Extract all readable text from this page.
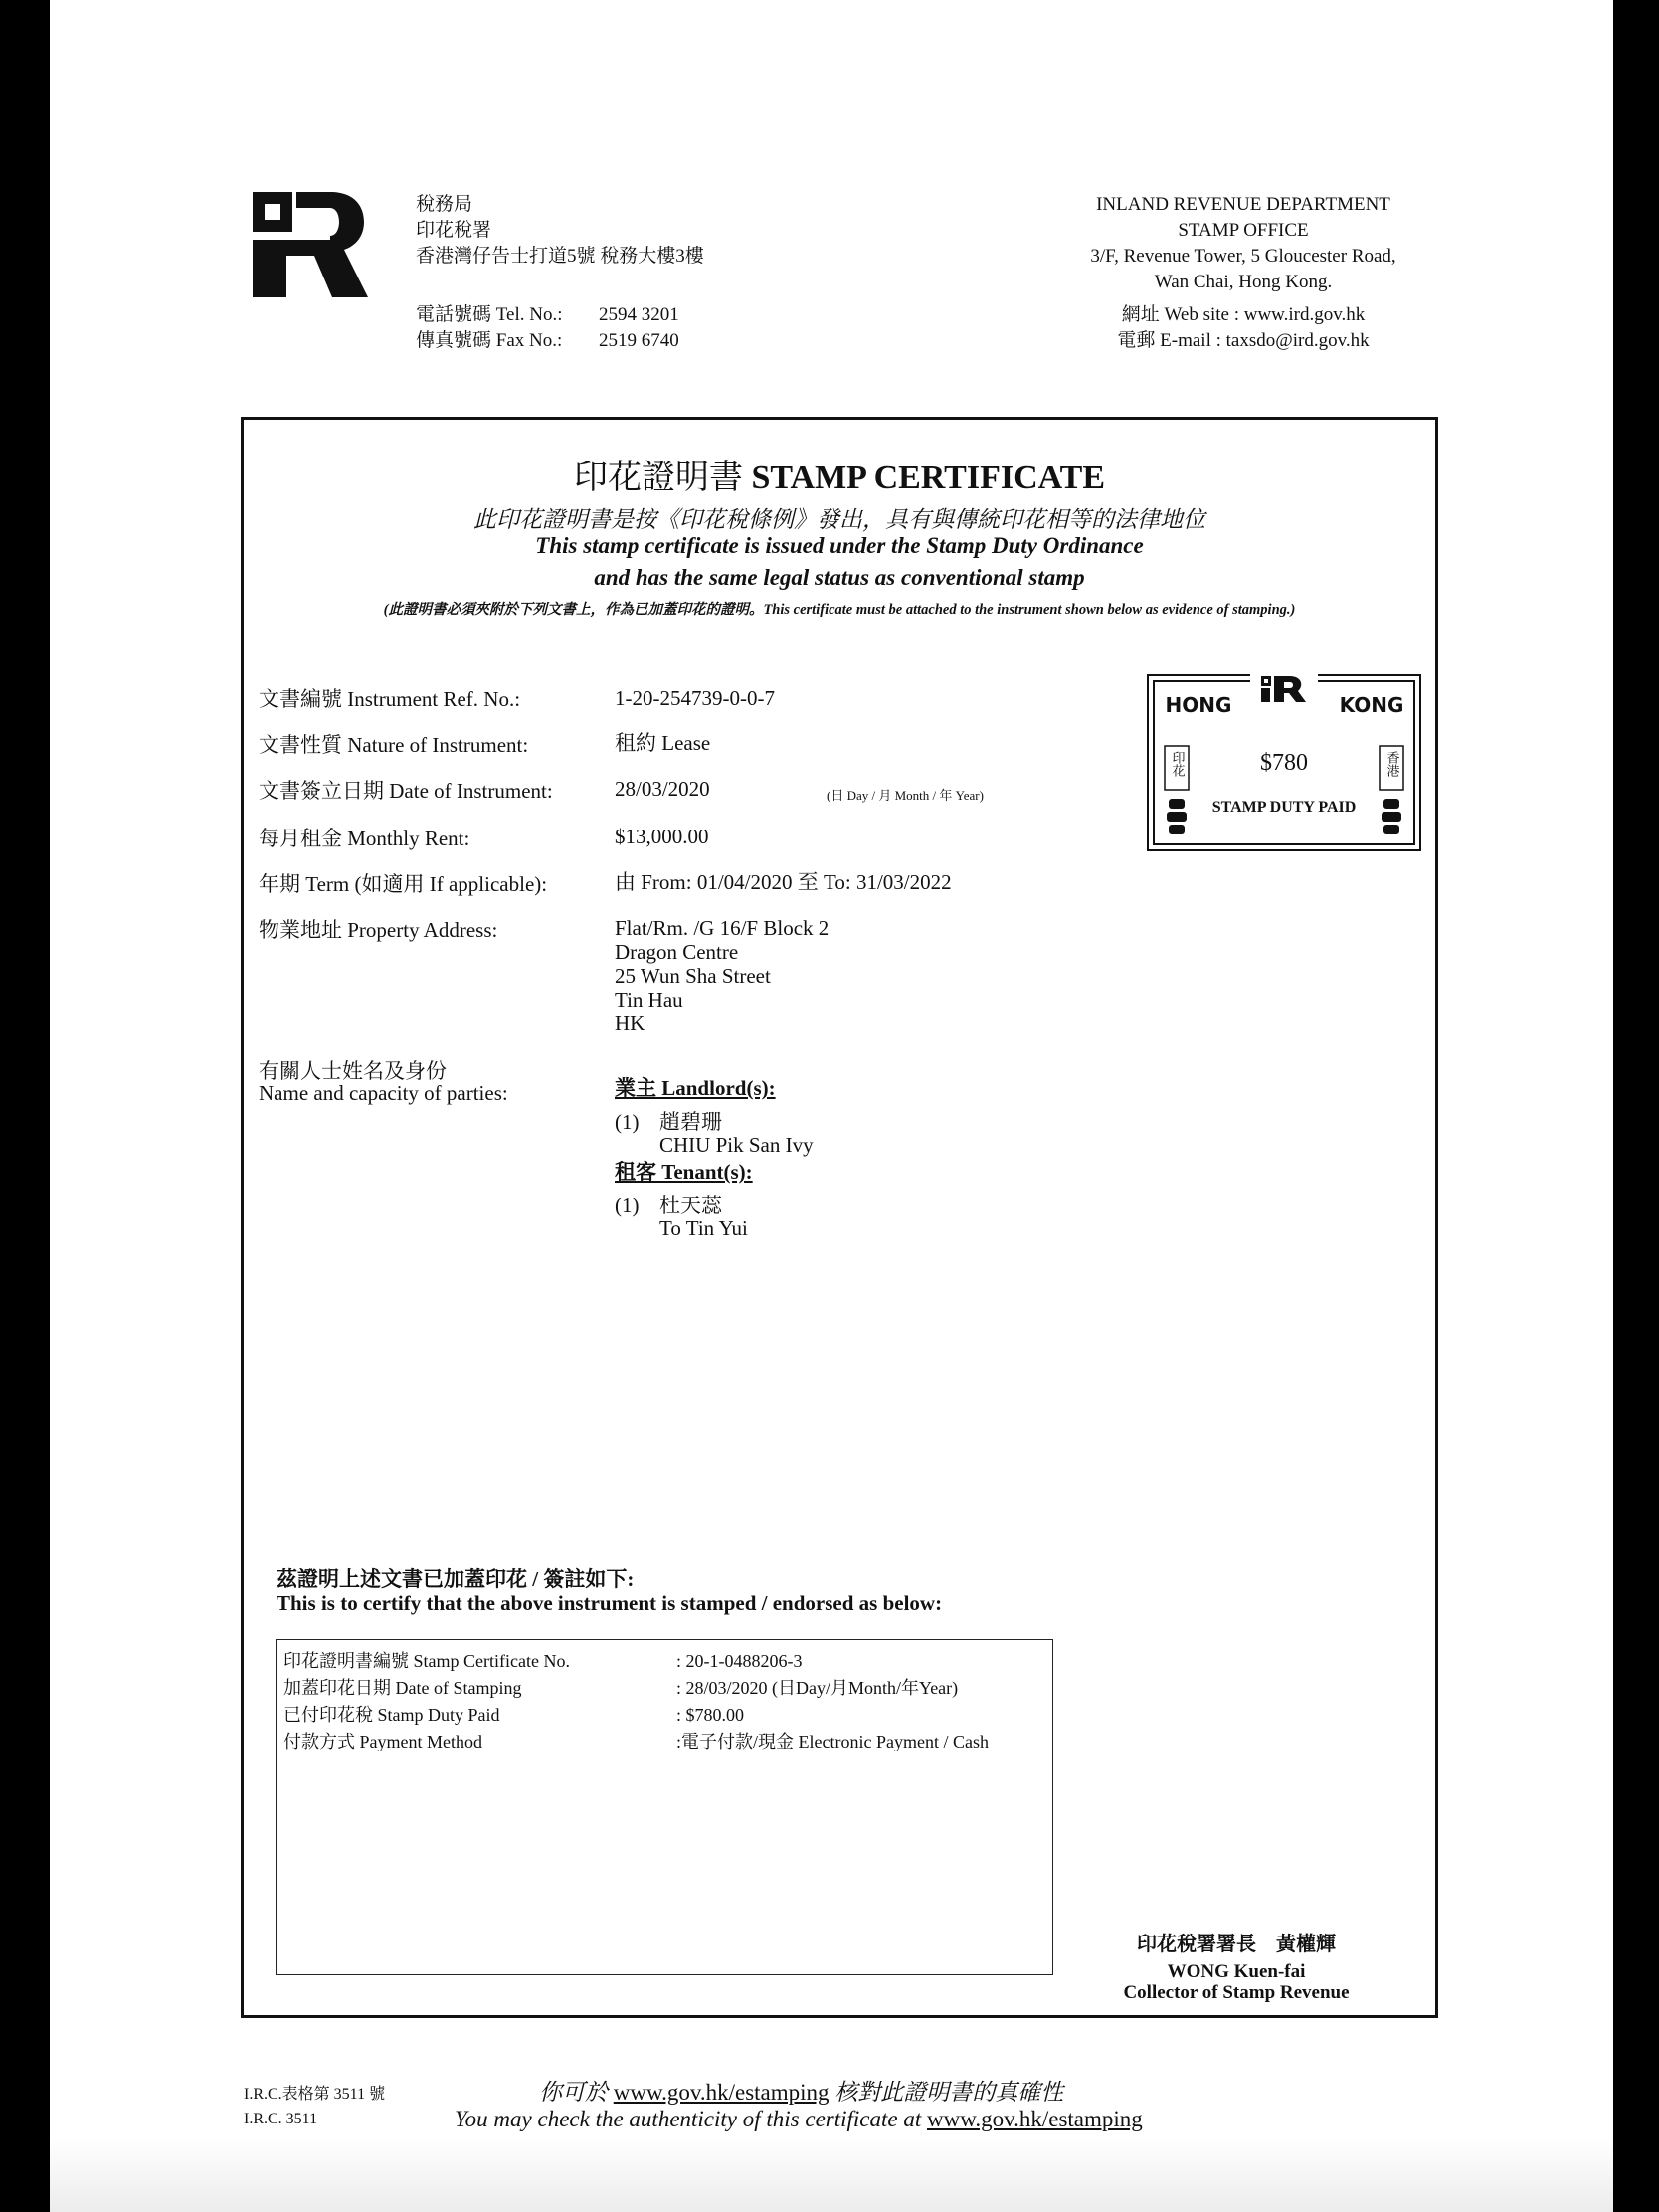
稅務局
印花稅署
香港灣仔告士打道5號 稅務大樓3樓
電話號碼 Tel. No.: 2594 3201
傳真號碼 Fax No.: 2519 6740
INLAND REVENUE DEPARTMENT
STAMP OFFICE
3/F, Revenue Tower, 5 Gloucester Road,
Wan Chai, Hong Kong.
網址 Web site : www.ird.gov.hk
電郵 E-mail : taxsdo@ird.gov.hk
印花證明書 STAMP CERTIFICATE
此印花證明書是按《印花稅條例》發出，具有與傳統印花相等的法律地位
This stamp certificate is issued under the Stamp Duty Ordinance
and has the same legal status as conventional stamp
(此證明書必須夾附於下列文書上，作為已加蓋印花的證明。This certificate must be attached to the instrument shown below as evidence of stamping.)
文書編號 Instrument Ref. No.:	1-20-254739-0-0-7
文書性質 Nature of Instrument:	租約 Lease
文書簽立日期 Date of Instrument:	28/03/2020	(日 Day / 月 Month / 年 Year)
每月租金 Monthly Rent:	$13,000.00
年期 Term (如適用 If applicable):	由 From: 01/04/2020 至 To: 31/03/2022
物業地址 Property Address:	Flat/Rm. /G 16/F Block 2
Dragon Centre
25 Wun Sha Street
Tin Hau
HK
有關人士姓名及身份
Name and capacity of parties:	業主 Landlord(s):
(1) 趙碧珊
CHIU Pik San Ivy
租客 Tenant(s):
(1) 杜天蕊
To Tin Yui
HONG	KONG
$780
STAMP DUTY PAID
印花	香港
茲證明上述文書已加蓋印花 / 簽註如下:
This is to certify that the above instrument is stamped / endorsed as below:
印花證明書編號 Stamp Certificate No.	: 20-1-0488206-3
加蓋印花日期 Date of Stamping	: 28/03/2020 (日Day/月Month/年Year)
已付印花稅 Stamp Duty Paid	: $780.00
付款方式 Payment Method	:電子付款/現金 Electronic Payment / Cash
印花稅署署長　黃權輝
WONG Kuen-fai
Collector of Stamp Revenue
I.R.C.表格第 3511 號
I.R.C. 3511
你可於 www.gov.hk/estamping 核對此證明書的真確性
You may check the authenticity of this certificate at www.gov.hk/estamping
